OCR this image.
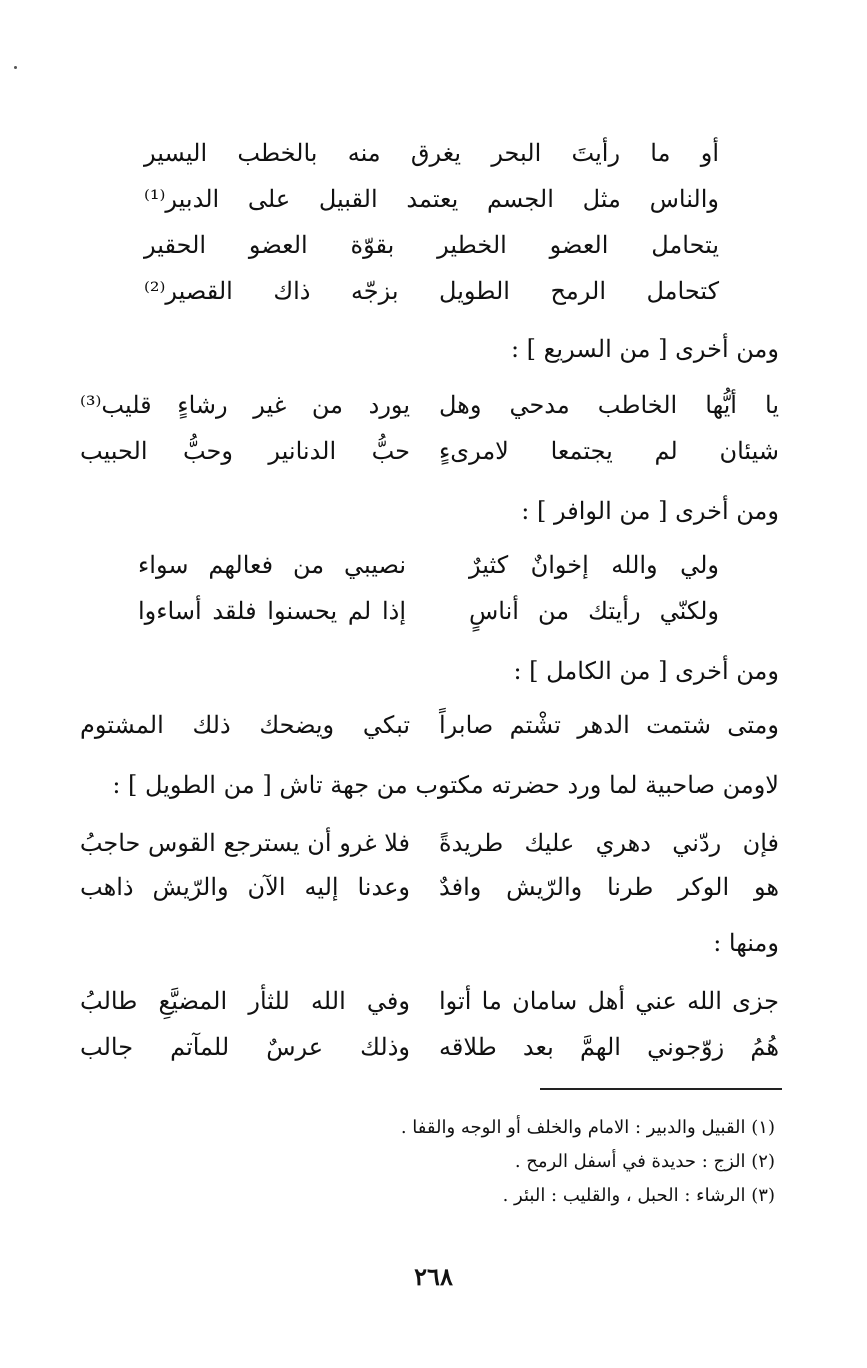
أو ما رأيتَ البحر يغرق منه بالخطب اليسير
والناس مثل الجسم يعتمد القبيل على الدبير⁽¹⁾
يتحامل العضو الخطير بقوّة العضو الحقير
كتحامل الرمح الطويل بزجّه ذاك القصير⁽²⁾
ومن أخرى [ من السريع ] :
يا أيُّها الخاطب مدحي وهل
يورد من غير رشاءٍ قليب⁽³⁾
شيئان لم يجتمعا لامرىءٍ
حبُّ الدنانير وحبُّ الحبيب
ومن أخرى [ من الوافر ] :
ولي والله إخوانٌ كثيرٌ
نصيبي من فعالهم سواء
ولكنّي رأيتك من أناسٍ
إذا لم يحسنوا فلقد أساءوا
ومن أخرى [ من الكامل ] :
ومتى شتمت الدهر تشْتم صابراً
تبكي ويضحك ذلك المشتوم
لاومن صاحبية لما ورد حضرته مكتوب من جهة تاش [ من الطويل ] :
فإن ردّني دهري عليك طريدةً
فلا غرو أن يسترجع القوس حاجبُ
هو الوكر طرنا والرّيش وافدٌ
وعدنا إليه الآن والرّيش ذاهب
ومنها :
جزى الله عني أهل سامان ما أتوا
وفي الله للثأر المضيَّعِ طالبُ
هُمُ زوّجوني الهمَّ بعد طلاقه
وذلك عرسٌ للمآتم جالب
(١) القبيل والدبير : الامام والخلف أو الوجه والقفا .
(٢) الزج : حديدة في أسفل الرمح .
(٣) الرشاء : الحبل ، والقليب : البئر .
٢٦٨
